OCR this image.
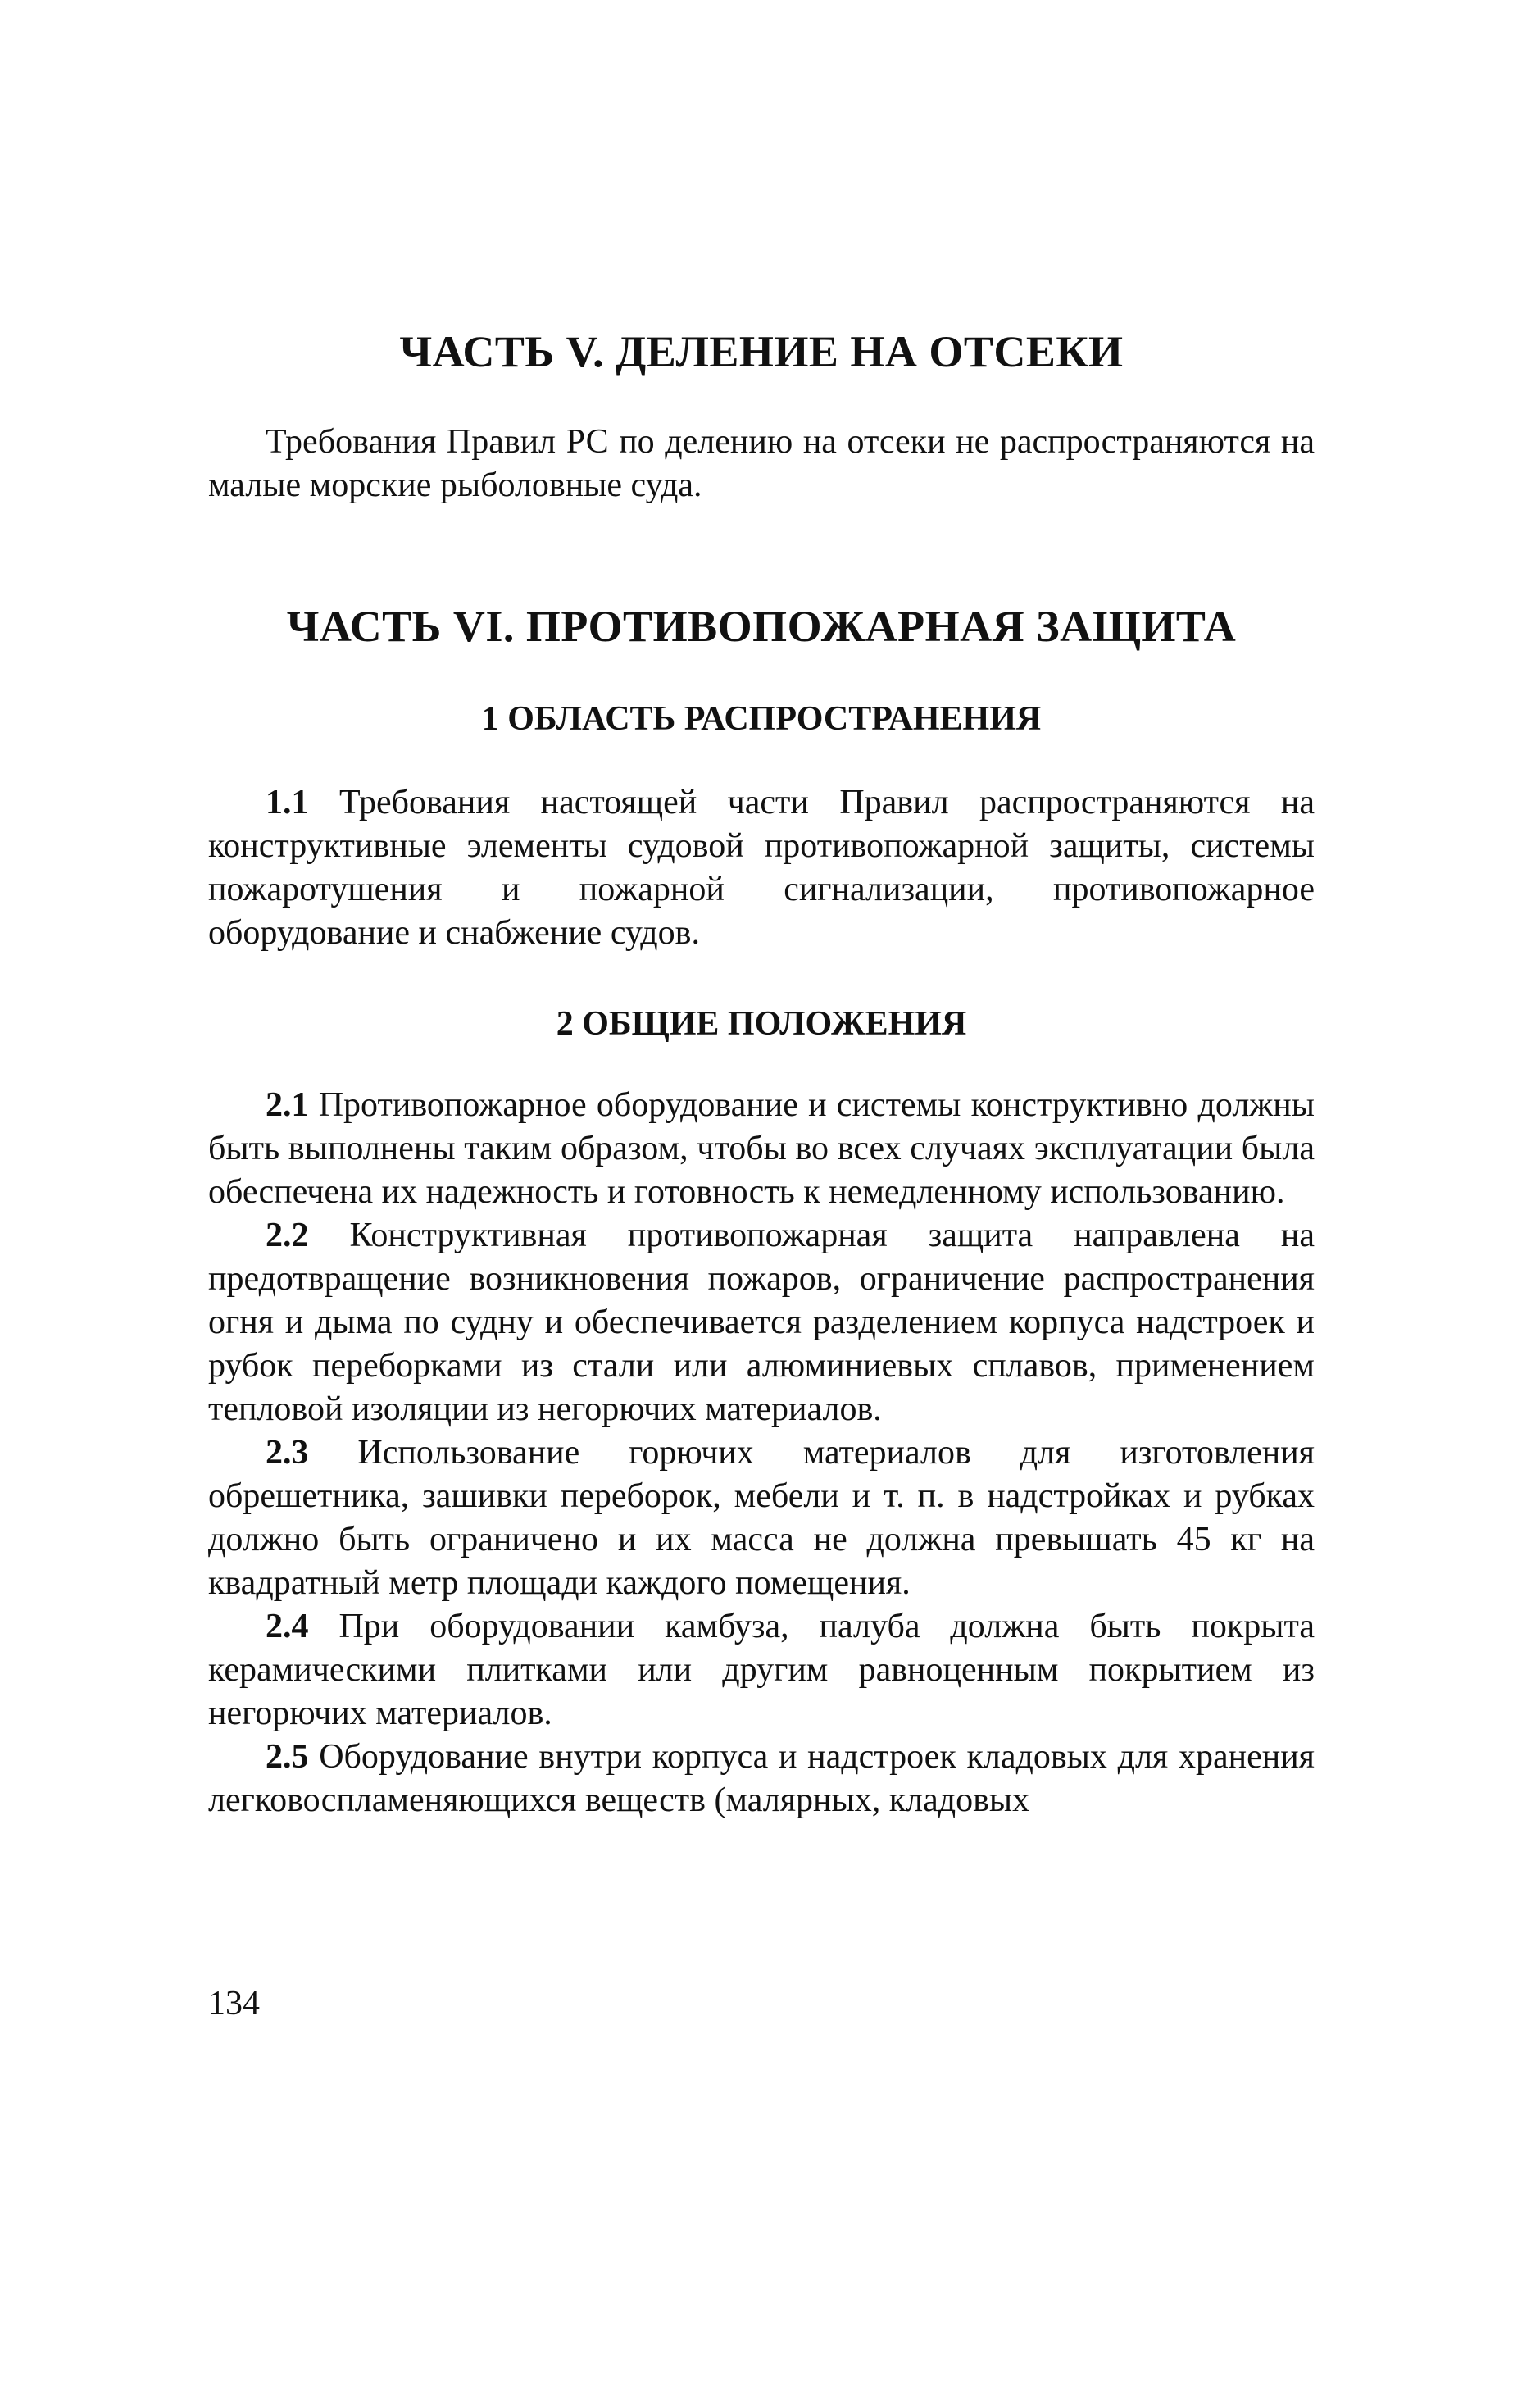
ЧАСТЬ V. ДЕЛЕНИЕ НА ОТСЕКИ

Требования Правил РС по делению на отсеки не распространяются на малые морские рыболовные суда.

ЧАСТЬ VI. ПРОТИВОПОЖАРНАЯ ЗАЩИТА
1 ОБЛАСТЬ РАСПРОСТРАНЕНИЯ

1.1 Требования настоящей части Правил распространяются на конструктивные элементы судовой противопожарной защиты, системы пожаротушения и пожарной сигнализации, противопожарное оборудование и снабжение судов.

2 ОБЩИЕ ПОЛОЖЕНИЯ

2.1 Противопожарное оборудование и системы конструктивно должны быть выполнены таким образом, чтобы во всех случаях эксплуатации была обеспечена их надежность и готовность к немедленному использованию.

2.2 Конструктивная противопожарная защита направлена на предотвращение возникновения пожаров, ограничение распространения огня и дыма по судну и обеспечивается разделением корпуса надстроек и рубок переборками из стали или алюминиевых сплавов, применением тепловой изоляции из негорючих материалов.

2.3 Использование горючих материалов для изготовления обрешетника, зашивки переборок, мебели и т. п. в надстройках и рубках должно быть ограничено и их масса не должна превышать 45 кг на квадратный метр площади каждого помещения.

2.4 При оборудовании камбуза, палуба должна быть покрыта керамическими плитками или другим равноценным покрытием из негорючих материалов.

2.5 Оборудование внутри корпуса и надстроек кладовых для хранения легковоспламеняющихся веществ (малярных, кладовых

134
